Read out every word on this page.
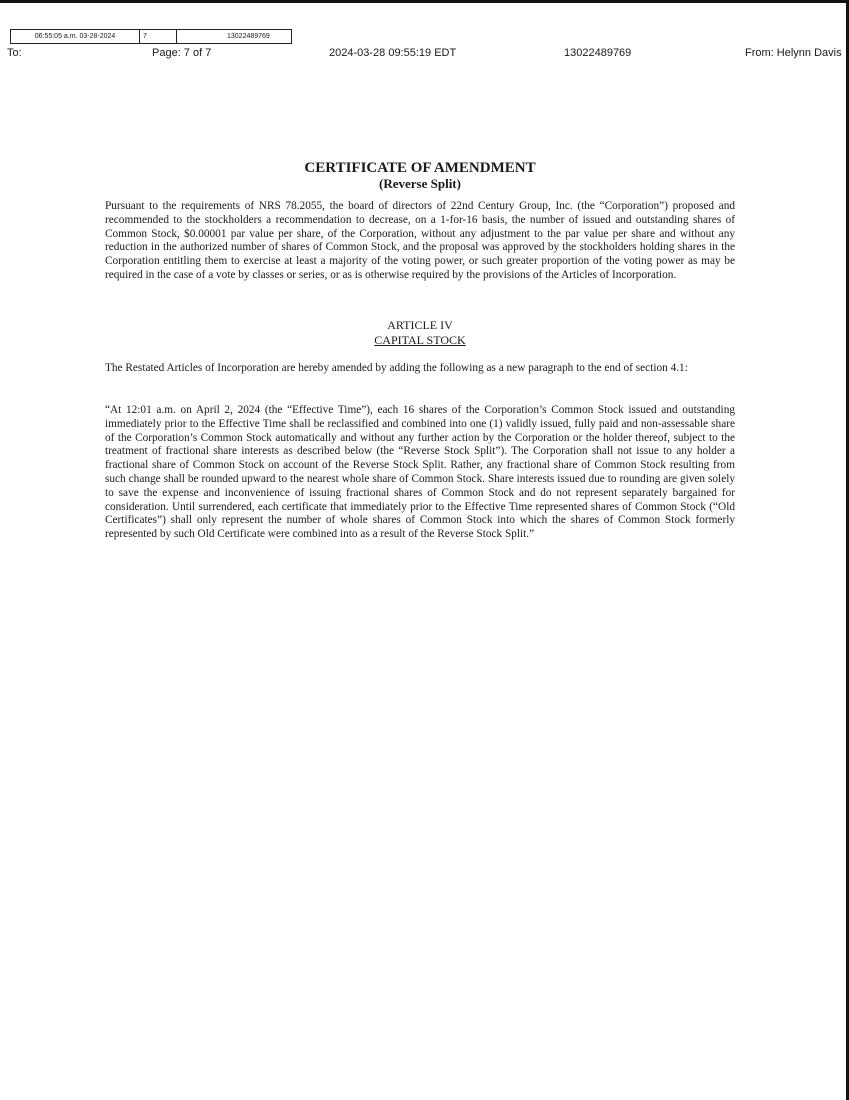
06:55:05 a.m. 03-28-2024	7	13022489769
To:	Page: 7 of 7	2024-03-28 09:55:19 EDT	13022489769	From: Helynn Davis
CERTIFICATE OF AMENDMENT
(Reverse Split)
Pursuant to the requirements of NRS 78.2055, the board of directors of 22nd Century Group, Inc. (the “Corporation”) proposed and recommended to the stockholders a recommendation to decrease, on a 1-for-16 basis, the number of issued and outstanding shares of Common Stock, $0.00001 par value per share, of the Corporation, without any adjustment to the par value per share and without any reduction in the authorized number of shares of Common Stock, and the proposal was approved by the stockholders holding shares in the Corporation entitling them to exercise at least a majority of the voting power, or such greater proportion of the voting power as may be required in the case of a vote by classes or series, or as is otherwise required by the provisions of the Articles of Incorporation.
ARTICLE IV
CAPITAL STOCK
The Restated Articles of Incorporation are hereby amended by adding the following as a new paragraph to the end of section 4.1:
“At 12:01 a.m. on April 2, 2024 (the “Effective Time”), each 16 shares of the Corporation’s Common Stock issued and outstanding immediately prior to the Effective Time shall be reclassified and combined into one (1) validly issued, fully paid and non-assessable share of the Corporation’s Common Stock automatically and without any further action by the Corporation or the holder thereof, subject to the treatment of fractional share interests as described below (the “Reverse Stock Split”). The Corporation shall not issue to any holder a fractional share of Common Stock on account of the Reverse Stock Split. Rather, any fractional share of Common Stock resulting from such change shall be rounded upward to the nearest whole share of Common Stock. Share interests issued due to rounding are given solely to save the expense and inconvenience of issuing fractional shares of Common Stock and do not represent separately bargained for consideration. Until surrendered, each certificate that immediately prior to the Effective Time represented shares of Common Stock (“Old Certificates”) shall only represent the number of whole shares of Common Stock into which the shares of Common Stock formerly represented by such Old Certificate were combined into as a result of the Reverse Stock Split.”
